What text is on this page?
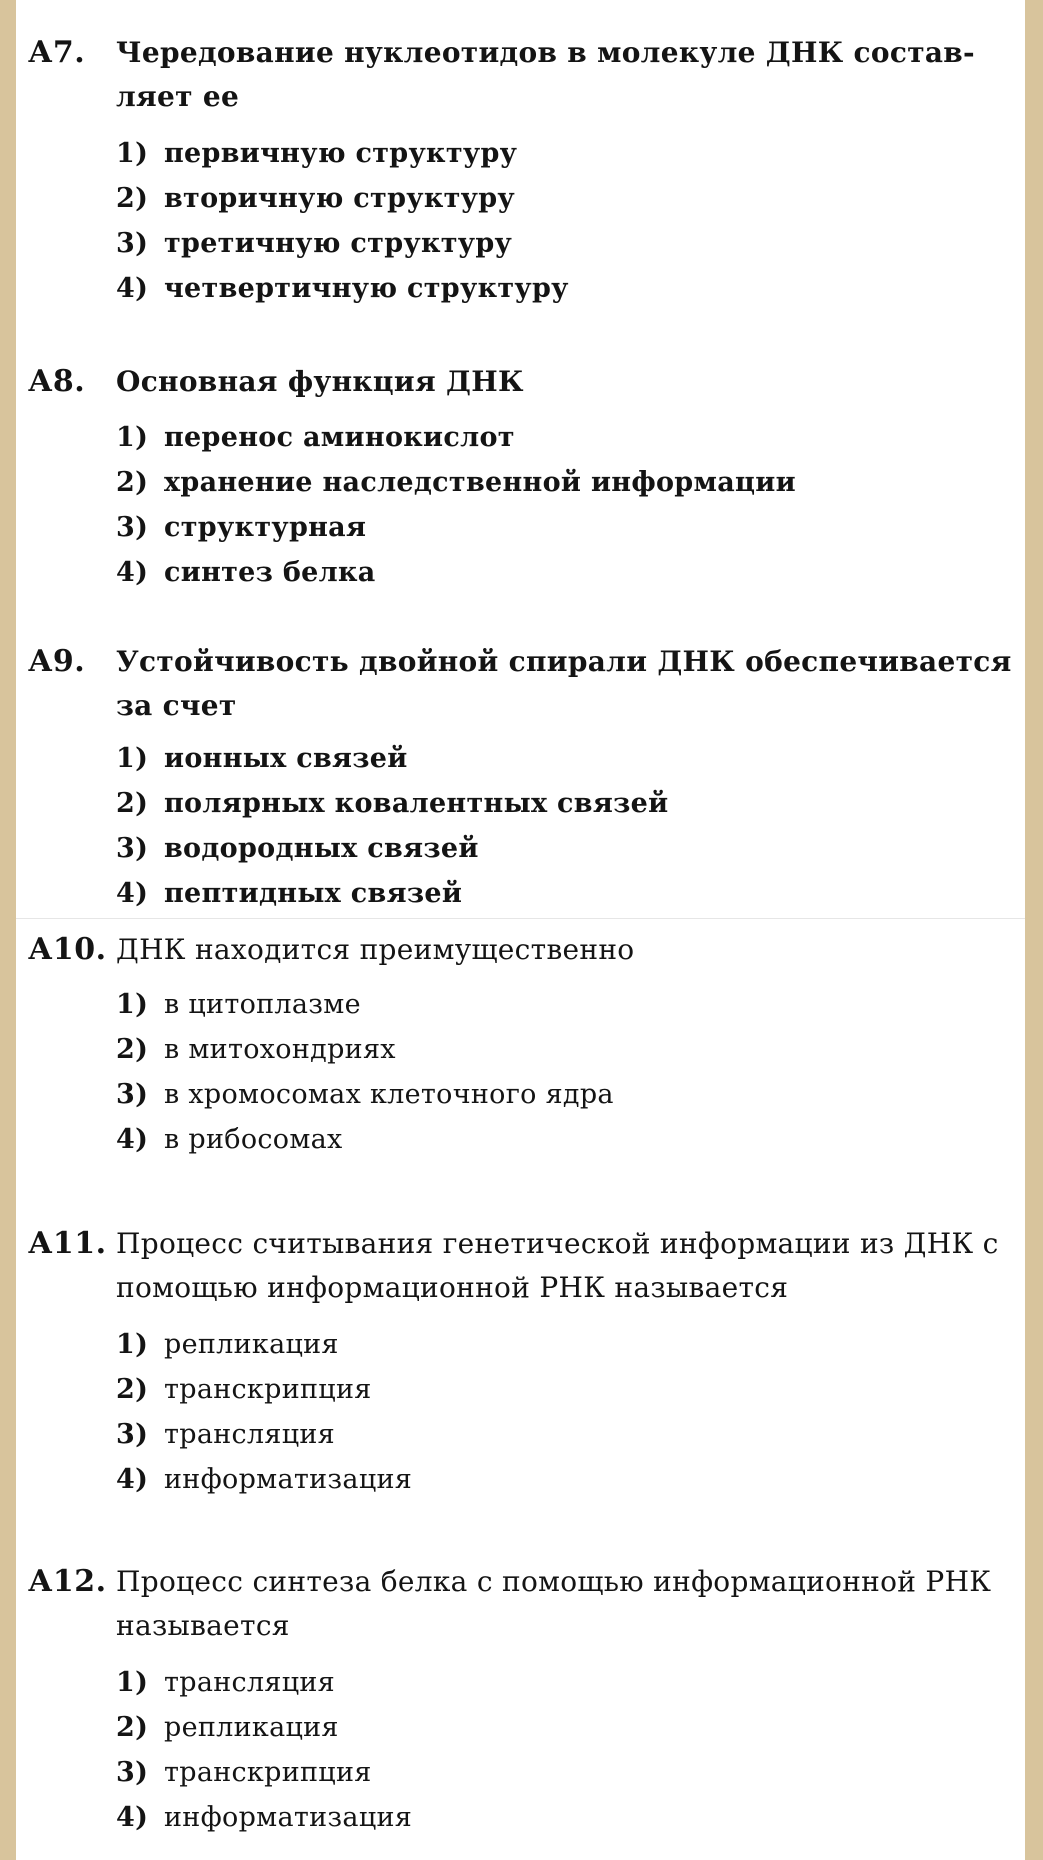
А7. Чередование нуклеотидов в молекуле ДНК состав-ляет ее
1) первичную структуру
2) вторичную структуру
3) третичную структуру
4) четвертичную структуру
А8. Основная функция ДНК
1) перенос аминокислот
2) хранение наследственной информации
3) структурная
4) синтез белка
А9. Устойчивость двойной спирали ДНК обеспечивается за счет
1) ионных связей
2) полярных ковалентных связей
3) водородных связей
4) пептидных связей
А10. ДНК находится преимущественно
1) в цитоплазме
2) в митохондриях
3) в хромосомах клеточного ядра
4) в рибосомах
А11. Процесс считывания генетической информации из ДНК с помощью информационной РНК называется
1) репликация
2) транскрипция
3) трансляция
4) информатизация
А12. Процесс синтеза белка с помощью информационной РНК называется
1) трансляция
2) репликация
3) транскрипция
4) информатизация
